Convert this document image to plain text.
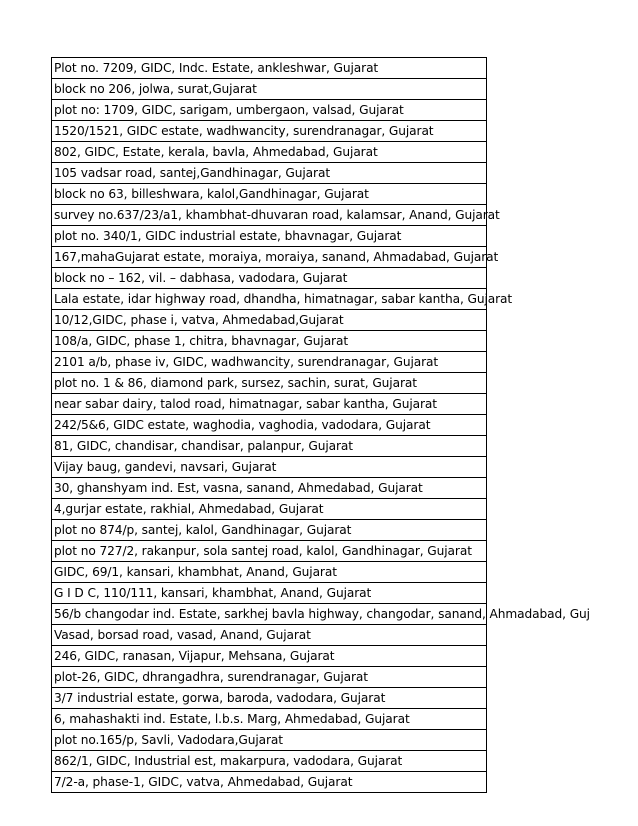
Plot no. 7209, GIDC, Indc. Estate, ankleshwar, Gujarat
block no 206, jolwa, surat,Gujarat
plot no: 1709, GIDC, sarigam, umbergaon, valsad, Gujarat
1520/1521, GIDC estate, wadhwancity, surendranagar, Gujarat
802, GIDC, Estate, kerala, bavla, Ahmedabad, Gujarat
105 vadsar road, santej,Gandhinagar, Gujarat
block no 63, billeshwara, kalol,Gandhinagar, Gujarat
survey no.637/23/a1, khambhat-dhuvaran road, kalamsar, Anand, Gujarat
plot no. 340/1, GIDC industrial estate, bhavnagar, Gujarat
167,mahaGujarat estate, moraiya, moraiya, sanand, Ahmadabad, Gujarat
block no – 162, vil. – dabhasa, vadodara, Gujarat
Lala estate, idar highway road, dhandha, himatnagar, sabar kantha, Gujarat
10/12,GIDC, phase i, vatva, Ahmedabad,Gujarat
108/a, GIDC, phase 1, chitra, bhavnagar, Gujarat
2101 a/b, phase iv, GIDC, wadhwancity, surendranagar, Gujarat
plot no. 1 & 86, diamond park, sursez, sachin, surat, Gujarat
near sabar dairy, talod road, himatnagar, sabar kantha, Gujarat
242/5&6, GIDC estate, waghodia, vaghodia, vadodara, Gujarat
81, GIDC, chandisar, chandisar, palanpur, Gujarat
Vijay baug, gandevi, navsari, Gujarat
30, ghanshyam ind. Est, vasna, sanand, Ahmedabad, Gujarat
4,gurjar estate, rakhial, Ahmedabad, Gujarat
plot no 874/p, santej, kalol, Gandhinagar, Gujarat
plot no 727/2, rakanpur, sola santej road, kalol, Gandhinagar, Gujarat
GIDC, 69/1, kansari, khambhat, Anand, Gujarat
G I D C, 110/111, kansari, khambhat, Anand, Gujarat
56/b changodar ind. Estate, sarkhej bavla highway, changodar, sanand, Ahmadabad, Guj
Vasad, borsad road, vasad, Anand, Gujarat
246, GIDC, ranasan, Vijapur, Mehsana, Gujarat
plot-26, GIDC, dhrangadhra, surendranagar, Gujarat
3/7 industrial estate, gorwa, baroda, vadodara, Gujarat
6, mahashakti ind. Estate, l.b.s. Marg, Ahmedabad, Gujarat
plot no.165/p, Savli, Vadodara,Gujarat
862/1, GIDC, Industrial est, makarpura, vadodara, Gujarat
7/2-a, phase-1, GIDC, vatva, Ahmedabad, Gujarat
